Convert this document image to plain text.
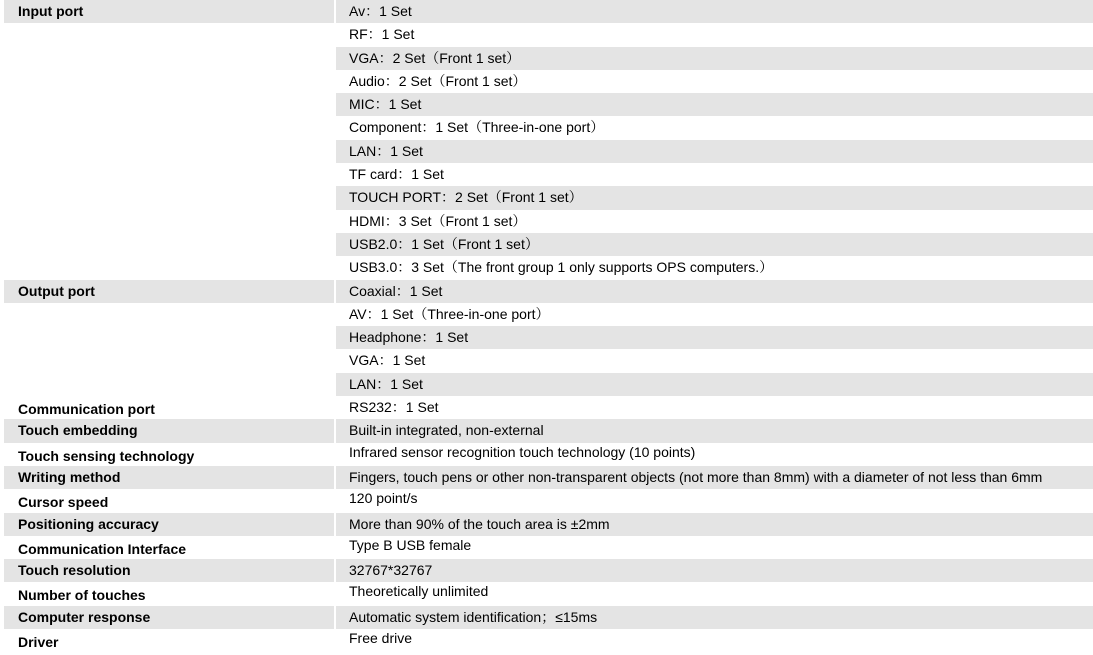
Input port	Av：1 Set
RF：1 Set
VGA：2 Set（Front 1 set）
Audio：2 Set（Front 1 set）
MIC：1 Set
Component：1 Set（Three-in-one port）
LAN：1 Set
TF card：1 Set
TOUCH PORT：2 Set（Front 1 set）
HDMI：3 Set（Front 1 set）
USB2.0：1 Set（Front 1 set）
USB3.0：3 Set（The front group 1 only supports OPS computers.）
Output port	Coaxial：1 Set
AV：1 Set（Three-in-one port）
Headphone：1 Set
VGA：1 Set
LAN：1 Set
Communication port	RS232：1 Set
Touch embedding	Built-in integrated, non-external
Touch sensing technology	Infrared sensor recognition touch technology (10 points)
Writing method	Fingers, touch pens or other non-transparent objects (not more than 8mm) with a diameter of not less than 6mm
Cursor speed	120 point/s
Positioning accuracy	More than 90% of the touch area is ±2mm
Communication Interface	Type B USB female
Touch resolution	32767*32767
Number of touches	Theoretically unlimited
Computer response	Automatic system identification；≤15ms
Driver	Free drive
